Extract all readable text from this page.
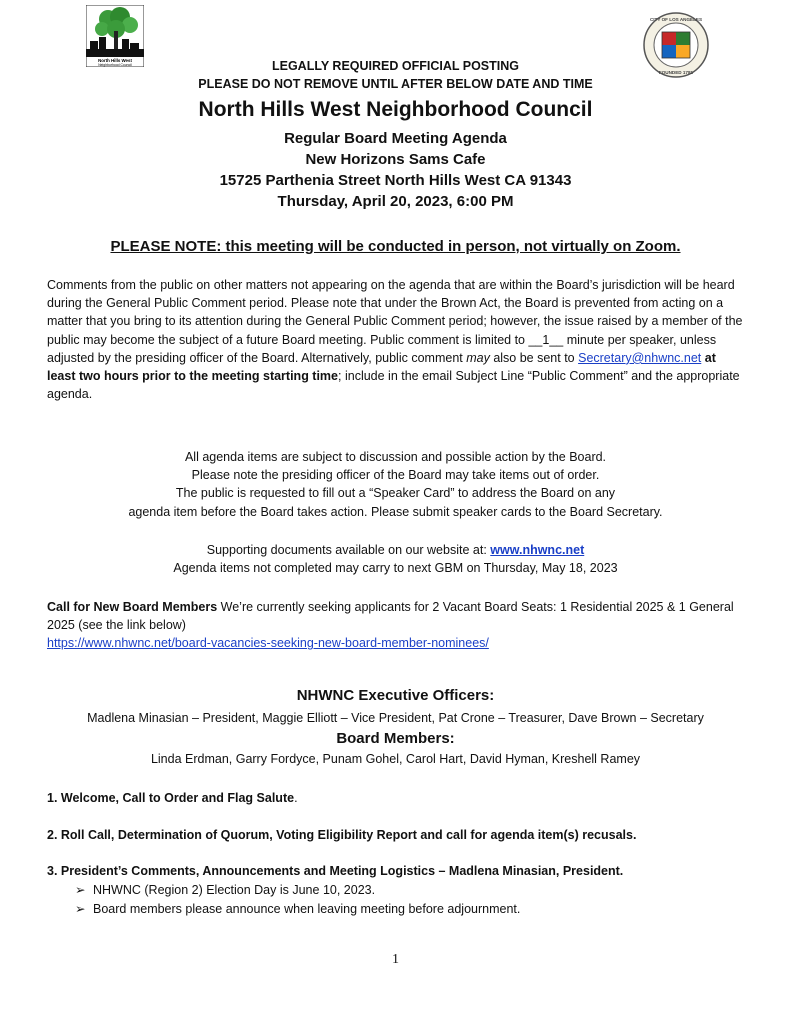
North Hills West
Neighborhood Council
CITY OF LOS ANGELES
FOUNDED 1781
LEGALLY REQUIRED OFFICIAL POSTING
PLEASE DO NOT REMOVE UNTIL AFTER BELOW DATE AND TIME
North Hills West Neighborhood Council
Regular Board Meeting Agenda
New Horizons Sams Cafe
15725 Parthenia Street North Hills West CA 91343
Thursday, April 20, 2023, 6:00 PM
PLEASE NOTE: this meeting will be conducted in person, not virtually on Zoom.
Comments from the public on other matters not appearing on the agenda that are within the Board’s jurisdiction will be heard during the General Public Comment period. Please note that under the Brown Act, the Board is prevented from acting on a matter that you bring to its attention during the General Public Comment period; however, the issue raised by a member of the public may become the subject of a future Board meeting. Public comment is limited to __1__ minute per speaker, unless adjusted by the presiding officer of the Board. Alternatively, public comment may also be sent to Secretary@nhwnc.net at least two hours prior to the meeting starting time; include in the email Subject Line “Public Comment” and the appropriate agenda.
All agenda items are subject to discussion and possible action by the Board.
Please note the presiding officer of the Board may take items out of order.
The public is requested to fill out a “Speaker Card” to address the Board on any
agenda item before the Board takes action. Please submit speaker cards to the Board Secretary.
Supporting documents available on our website at: www.nhwnc.net
Agenda items not completed may carry to next GBM on Thursday, May 18, 2023
Call for New Board Members We’re currently seeking applicants for 2 Vacant Board Seats: 1 Residential 2025 & 1 General 2025 (see the link below)
https://www.nhwnc.net/board-vacancies-seeking-new-board-member-nominees/
NHWNC Executive Officers:
Madlena Minasian – President, Maggie Elliott – Vice President, Pat Crone – Treasurer, Dave Brown – Secretary
Board Members:
Linda Erdman, Garry Fordyce, Punam Gohel, Carol Hart, David Hyman, Kreshell Ramey
1. Welcome, Call to Order and Flag Salute.
2. Roll Call, Determination of Quorum, Voting Eligibility Report and call for agenda item(s) recusals.
3. President’s Comments, Announcements and Meeting Logistics – Madlena Minasian, President.
➢ NHWNC (Region 2) Election Day is June 10, 2023.
➢ Board members please announce when leaving meeting before adjournment.
1
